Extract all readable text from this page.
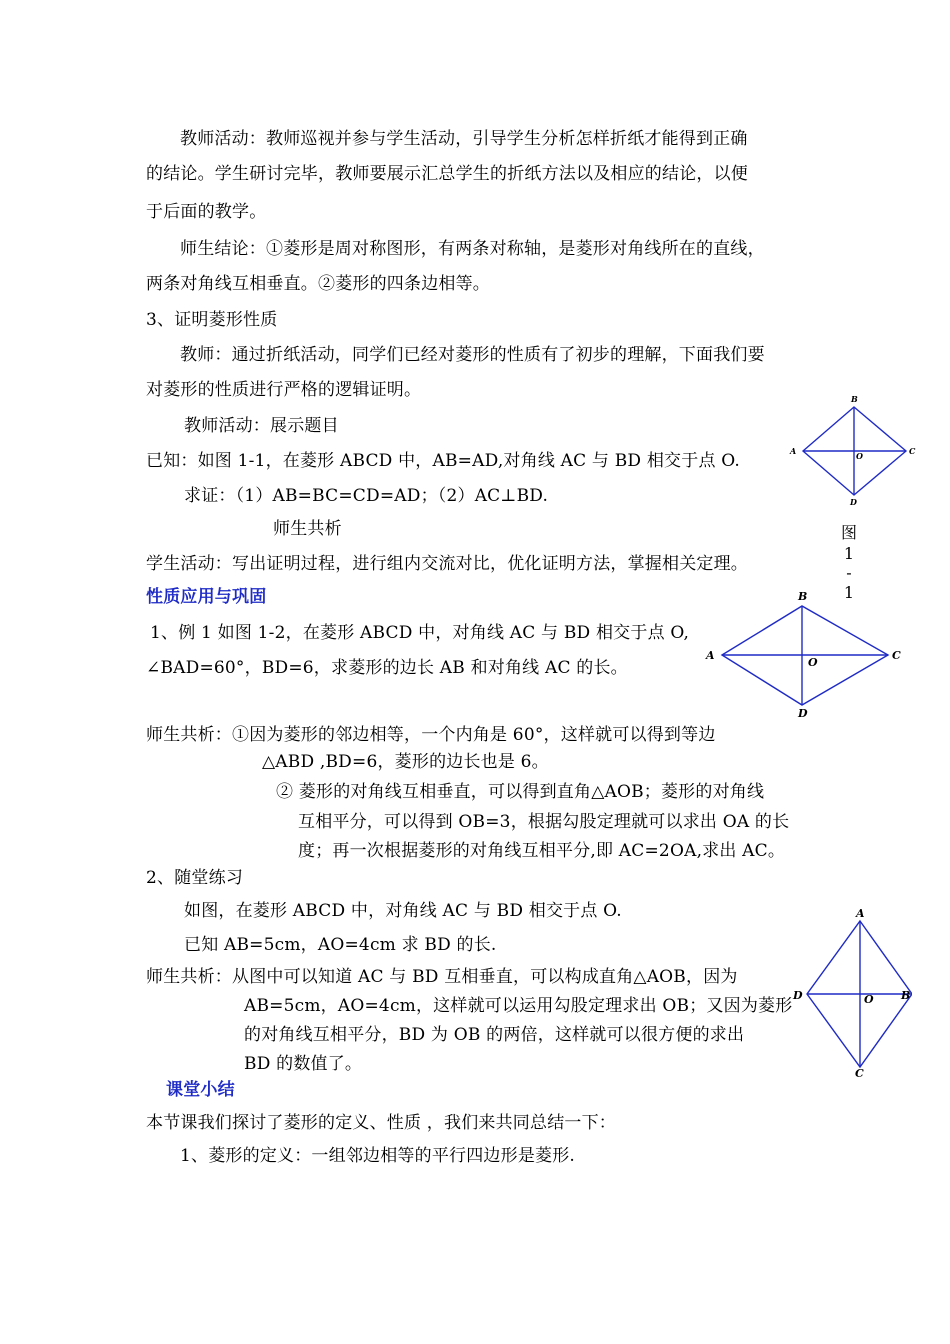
教师活动：教师巡视并参与学生活动，引导学生分析怎样折纸才能得到正确
的结论。学生研讨完毕，教师要展示汇总学生的折纸方法以及相应的结论，以便
于后面的教学。
师生结论：①菱形是周对称图形，有两条对称轴，是菱形对角线所在的直线，
两条对角线互相垂直。②菱形的四条边相等。
3、证明菱形性质
教师：通过折纸活动，同学们已经对菱形的性质有了初步的理解，下面我们要
对菱形的性质进行严格的逻辑证明。
教师活动：展示题目
已知：如图 1-1，在菱形 ABCD 中，AB=AD,对角线 AC 与 BD 相交于点 O.
求证：（1）AB=BC=CD=AD；（2）AC⊥BD.
师生共析
学生活动：写出证明过程，进行组内交流对比，优化证明方法，掌握相关定理。
A
B
C
D
O
图
1
-
1
性质应用与巩固
1、例 1 如图 1-2，在菱形 ABCD 中，对角线 AC 与 BD 相交于点 O,
∠BAD=60°，BD=6，求菱形的边长 AB 和对角线 AC 的长。
A
B
C
D
O
师生共析：①因为菱形的邻边相等，一个内角是 60°，这样就可以得到等边
△ABD ,BD=6，菱形的边长也是 6。
② 菱形的对角线互相垂直，可以得到直角△AOB；菱形的对角线
互相平分，可以得到 OB=3，根据勾股定理就可以求出 OA 的长
度；再一次根据菱形的对角线互相平分,即 AC=2OA,求出 AC。
2、随堂练习
如图，在菱形 ABCD 中，对角线 AC 与 BD 相交于点 O.
已知 AB=5cm，AO=4cm 求 BD 的长.
师生共析：从图中可以知道 AC 与 BD 互相垂直，可以构成直角△AOB，因为
AB=5cm，AO=4cm，这样就可以运用勾股定理求出 OB；又因为菱形
的对角线互相平分，BD 为 OB 的两倍，这样就可以很方便的求出
BD 的数值了。
A
D	B
C
O
课堂小结
本节课我们探讨了菱形的定义、性质 ，我们来共同总结一下：
1、菱形的定义：一组邻边相等的平行四边形是菱形.
